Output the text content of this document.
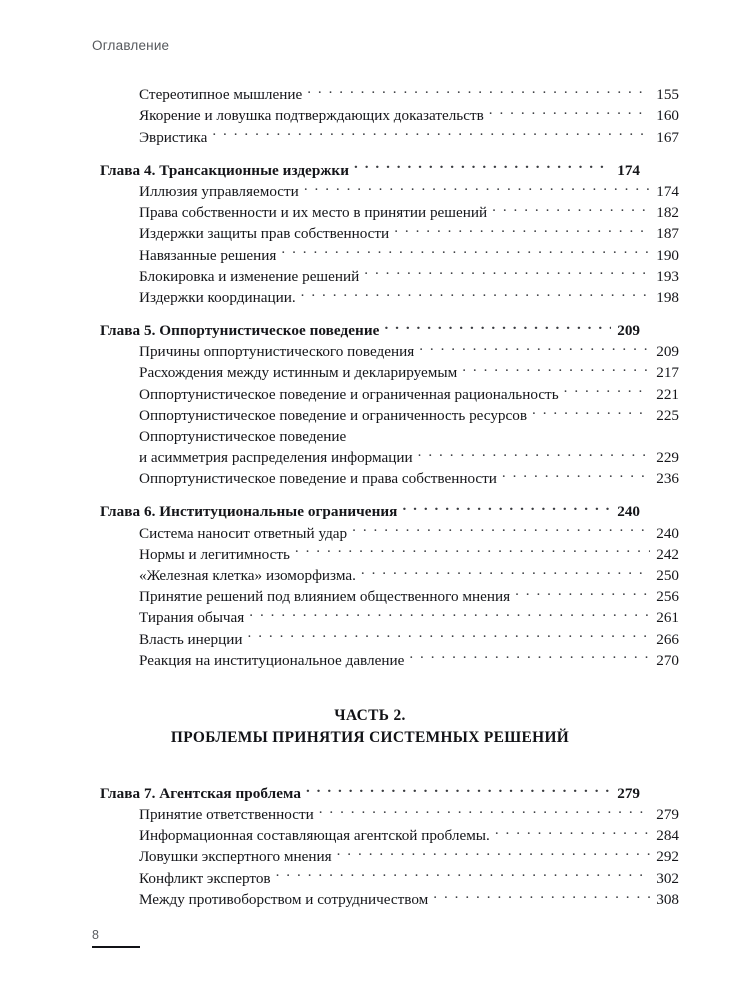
Оглавление
Стереотипное мышление . . .	155
Якорение и ловушка подтверждающих доказательств . . .	160
Эвристика . . .	167
Глава 4. Трансакционные издержки . . .	174
Иллюзия управляемости . . .	174
Права собственности и их место в принятии решений . . .	182
Издержки защиты прав собственности . . .	187
Навязанные решения . . .	190
Блокировка и изменение решений . . .	193
Издержки координации. . . .	198
Глава 5. Оппортунистическое поведение . . .	209
Причины оппортунистического поведения . . .	209
Расхождения между истинным и декларируемым . . .	217
Оппортунистическое поведение и ограниченная рациональность . . .	221
Оппортунистическое поведение и ограниченность ресурсов . . .	225
Оппортунистическое поведение
и асимметрия распределения информации . . .	229
Оппортунистическое поведение и права собственности . . .	236
Глава 6. Институциональные ограничения . . .	240
Система наносит ответный удар . . .	240
Нормы и легитимность . . .	242
«Железная клетка» изоморфизма. . . .	250
Принятие решений под влиянием общественного мнения . . .	256
Тирания обычая . . .	261
Власть инерции . . .	266
Реакция на институциональное давление . . .	270
ЧАСТЬ 2.
ПРОБЛЕМЫ ПРИНЯТИЯ СИСТЕМНЫХ РЕШЕНИЙ
Глава 7. Агентская проблема . . .	279
Принятие ответственности . . .	279
Информационная составляющая агентской проблемы. . . .	284
Ловушки экспертного мнения . . .	292
Конфликт экспертов . . .	302
Между противоборством и сотрудничеством . . .	308
8
